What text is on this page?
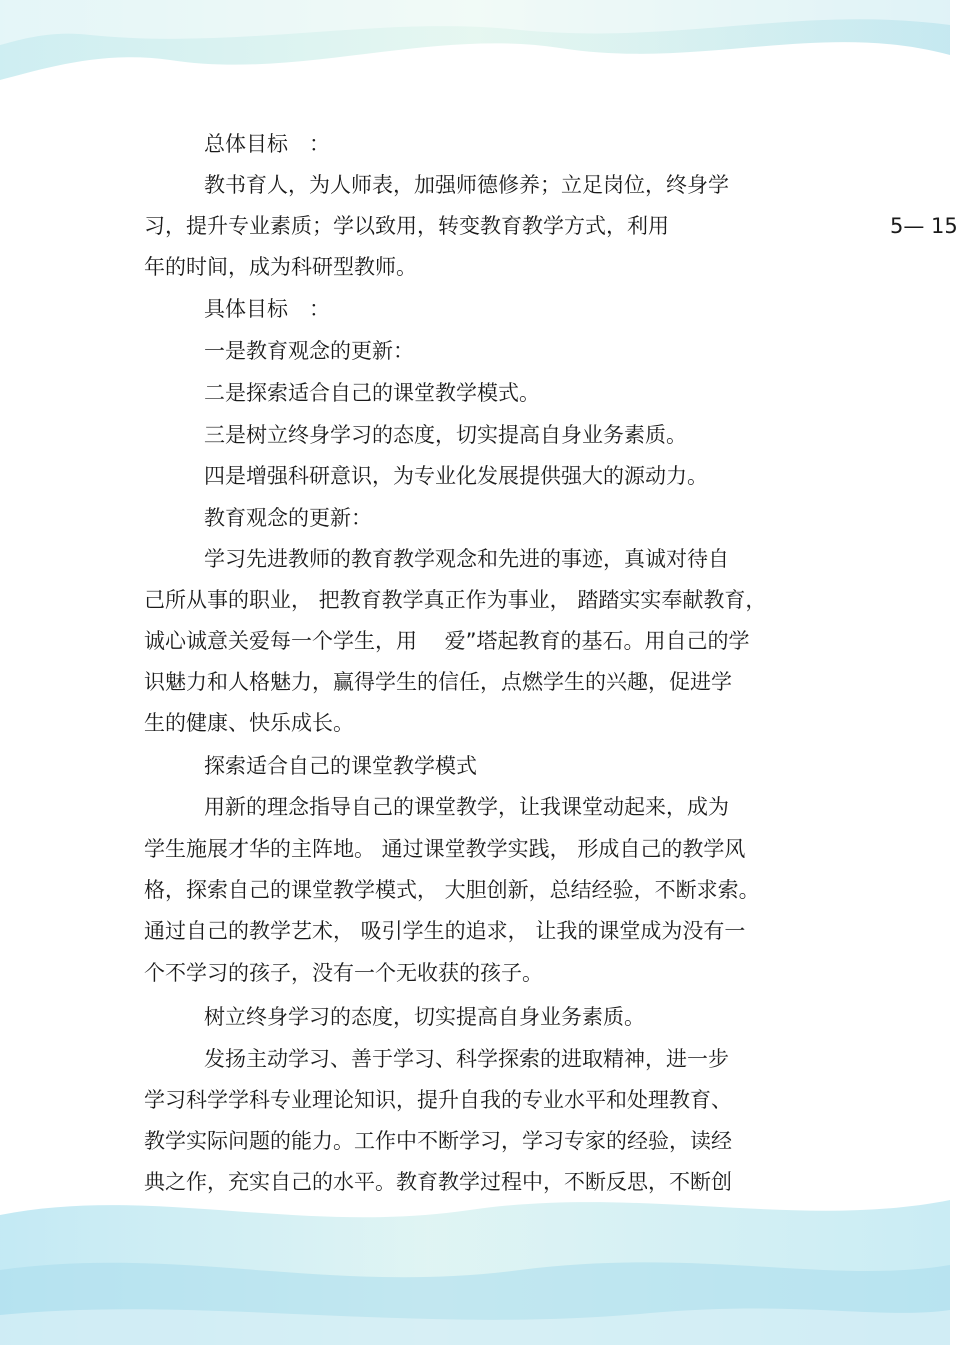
总体目标　：
教书育人，为人师表，加强师德修养；立足岗位，终身学
习，提升专业素质；学以致用，转变教育教学方式，利用	5— 15
年的时间，成为科研型教师。
具体目标　：
一是教育观念的更新：
二是探索适合自己的课堂教学模式。
三是树立终身学习的态度，切实提高自身业务素质。
四是增强科研意识，为专业化发展提供强大的源动力。
教育观念的更新：
学习先进教师的教育教学观念和先进的事迹，真诚对待自
己所从事的职业， 把教育教学真正作为事业， 踏踏实实奉献教育，
诚心诚意关爱每一个学生，用　 爱”塔起教育的基石。用自己的学
识魅力和人格魅力，赢得学生的信任，点燃学生的兴趣，促进学
生的健康、快乐成长。
探索适合自己的课堂教学模式
用新的理念指导自己的课堂教学，让我课堂动起来，成为
学生施展才华的主阵地。 通过课堂教学实践， 形成自己的教学风
格，探索自己的课堂教学模式， 大胆创新，总结经验，不断求索。
通过自己的教学艺术， 吸引学生的追求， 让我的课堂成为没有一
个不学习的孩子，没有一个无收获的孩子。
树立终身学习的态度，切实提高自身业务素质。
发扬主动学习、善于学习、科学探索的进取精神，进一步
学习科学学科专业理论知识，提升自我的专业水平和处理教育、
教学实际问题的能力。工作中不断学习，学习专家的经验，读经
典之作，充实自己的水平。教育教学过程中，不断反思，不断创
